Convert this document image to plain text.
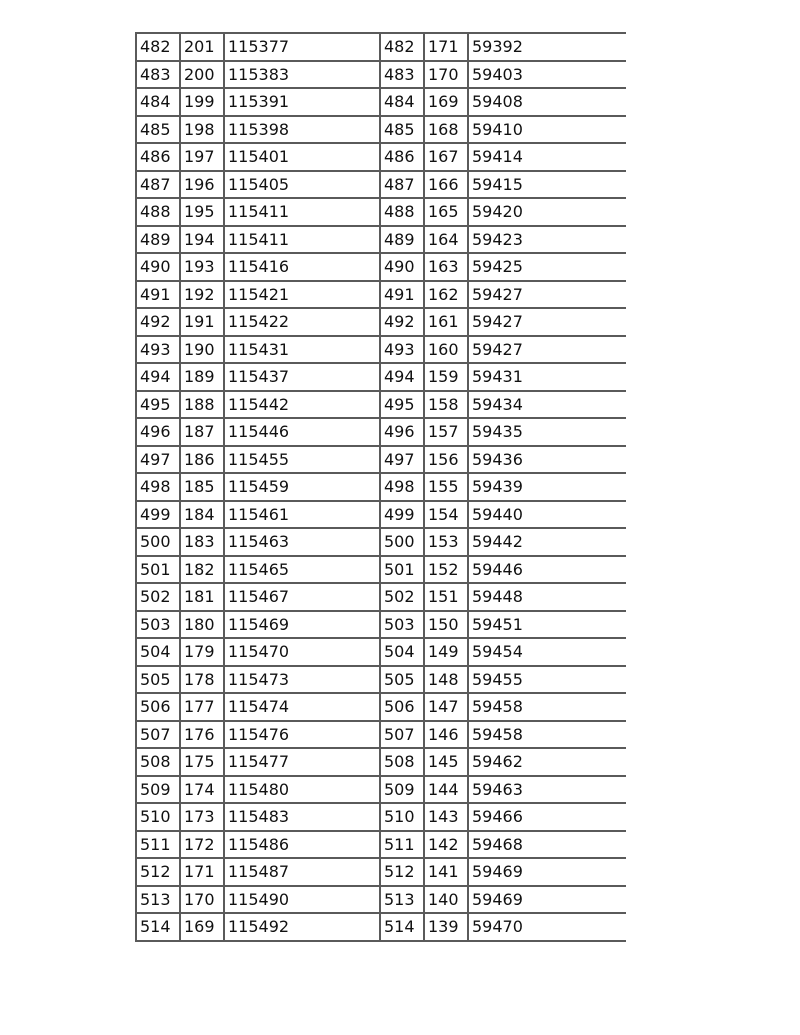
482	201	115377	482	171	59392
483	200	115383	483	170	59403
484	199	115391	484	169	59408
485	198	115398	485	168	59410
486	197	115401	486	167	59414
487	196	115405	487	166	59415
488	195	115411	488	165	59420
489	194	115411	489	164	59423
490	193	115416	490	163	59425
491	192	115421	491	162	59427
492	191	115422	492	161	59427
493	190	115431	493	160	59427
494	189	115437	494	159	59431
495	188	115442	495	158	59434
496	187	115446	496	157	59435
497	186	115455	497	156	59436
498	185	115459	498	155	59439
499	184	115461	499	154	59440
500	183	115463	500	153	59442
501	182	115465	501	152	59446
502	181	115467	502	151	59448
503	180	115469	503	150	59451
504	179	115470	504	149	59454
505	178	115473	505	148	59455
506	177	115474	506	147	59458
507	176	115476	507	146	59458
508	175	115477	508	145	59462
509	174	115480	509	144	59463
510	173	115483	510	143	59466
511	172	115486	511	142	59468
512	171	115487	512	141	59469
513	170	115490	513	140	59469
514	169	115492	514	139	59470
